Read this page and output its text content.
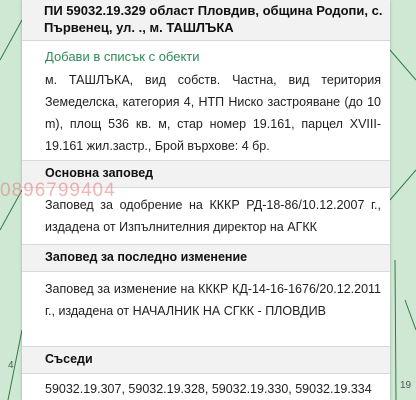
4
19
ПИ 59032.19.329 област Пловдив, община Родопи, с. Първенец, ул. ., м. ТАШЛЪКА
Добави в списък с обекти
м. ТАШЛЪКА, вид собств. Частна, вид територия Земеделска, категория 4, НТП Ниско застрояване (до 10 m), площ 536 кв. м, стар номер 19.161, парцел XVIII-19.161 жил.застр., Брой върхове: 4 бр.
Основна заповед
Заповед за одобрение на КККР РД-18-86/10.12.2007 г., издадена от Изпълнителния директор на АГКК
Заповед за последно изменение
Заповед за изменение на КККР КД-14-16-1676/20.12.2011 г., издадена от НАЧАЛНИК НА СГКК - ПЛОВДИВ
Съседи
59032.19.307, 59032.19.328, 59032.19.330, 59032.19.334
0896799404
